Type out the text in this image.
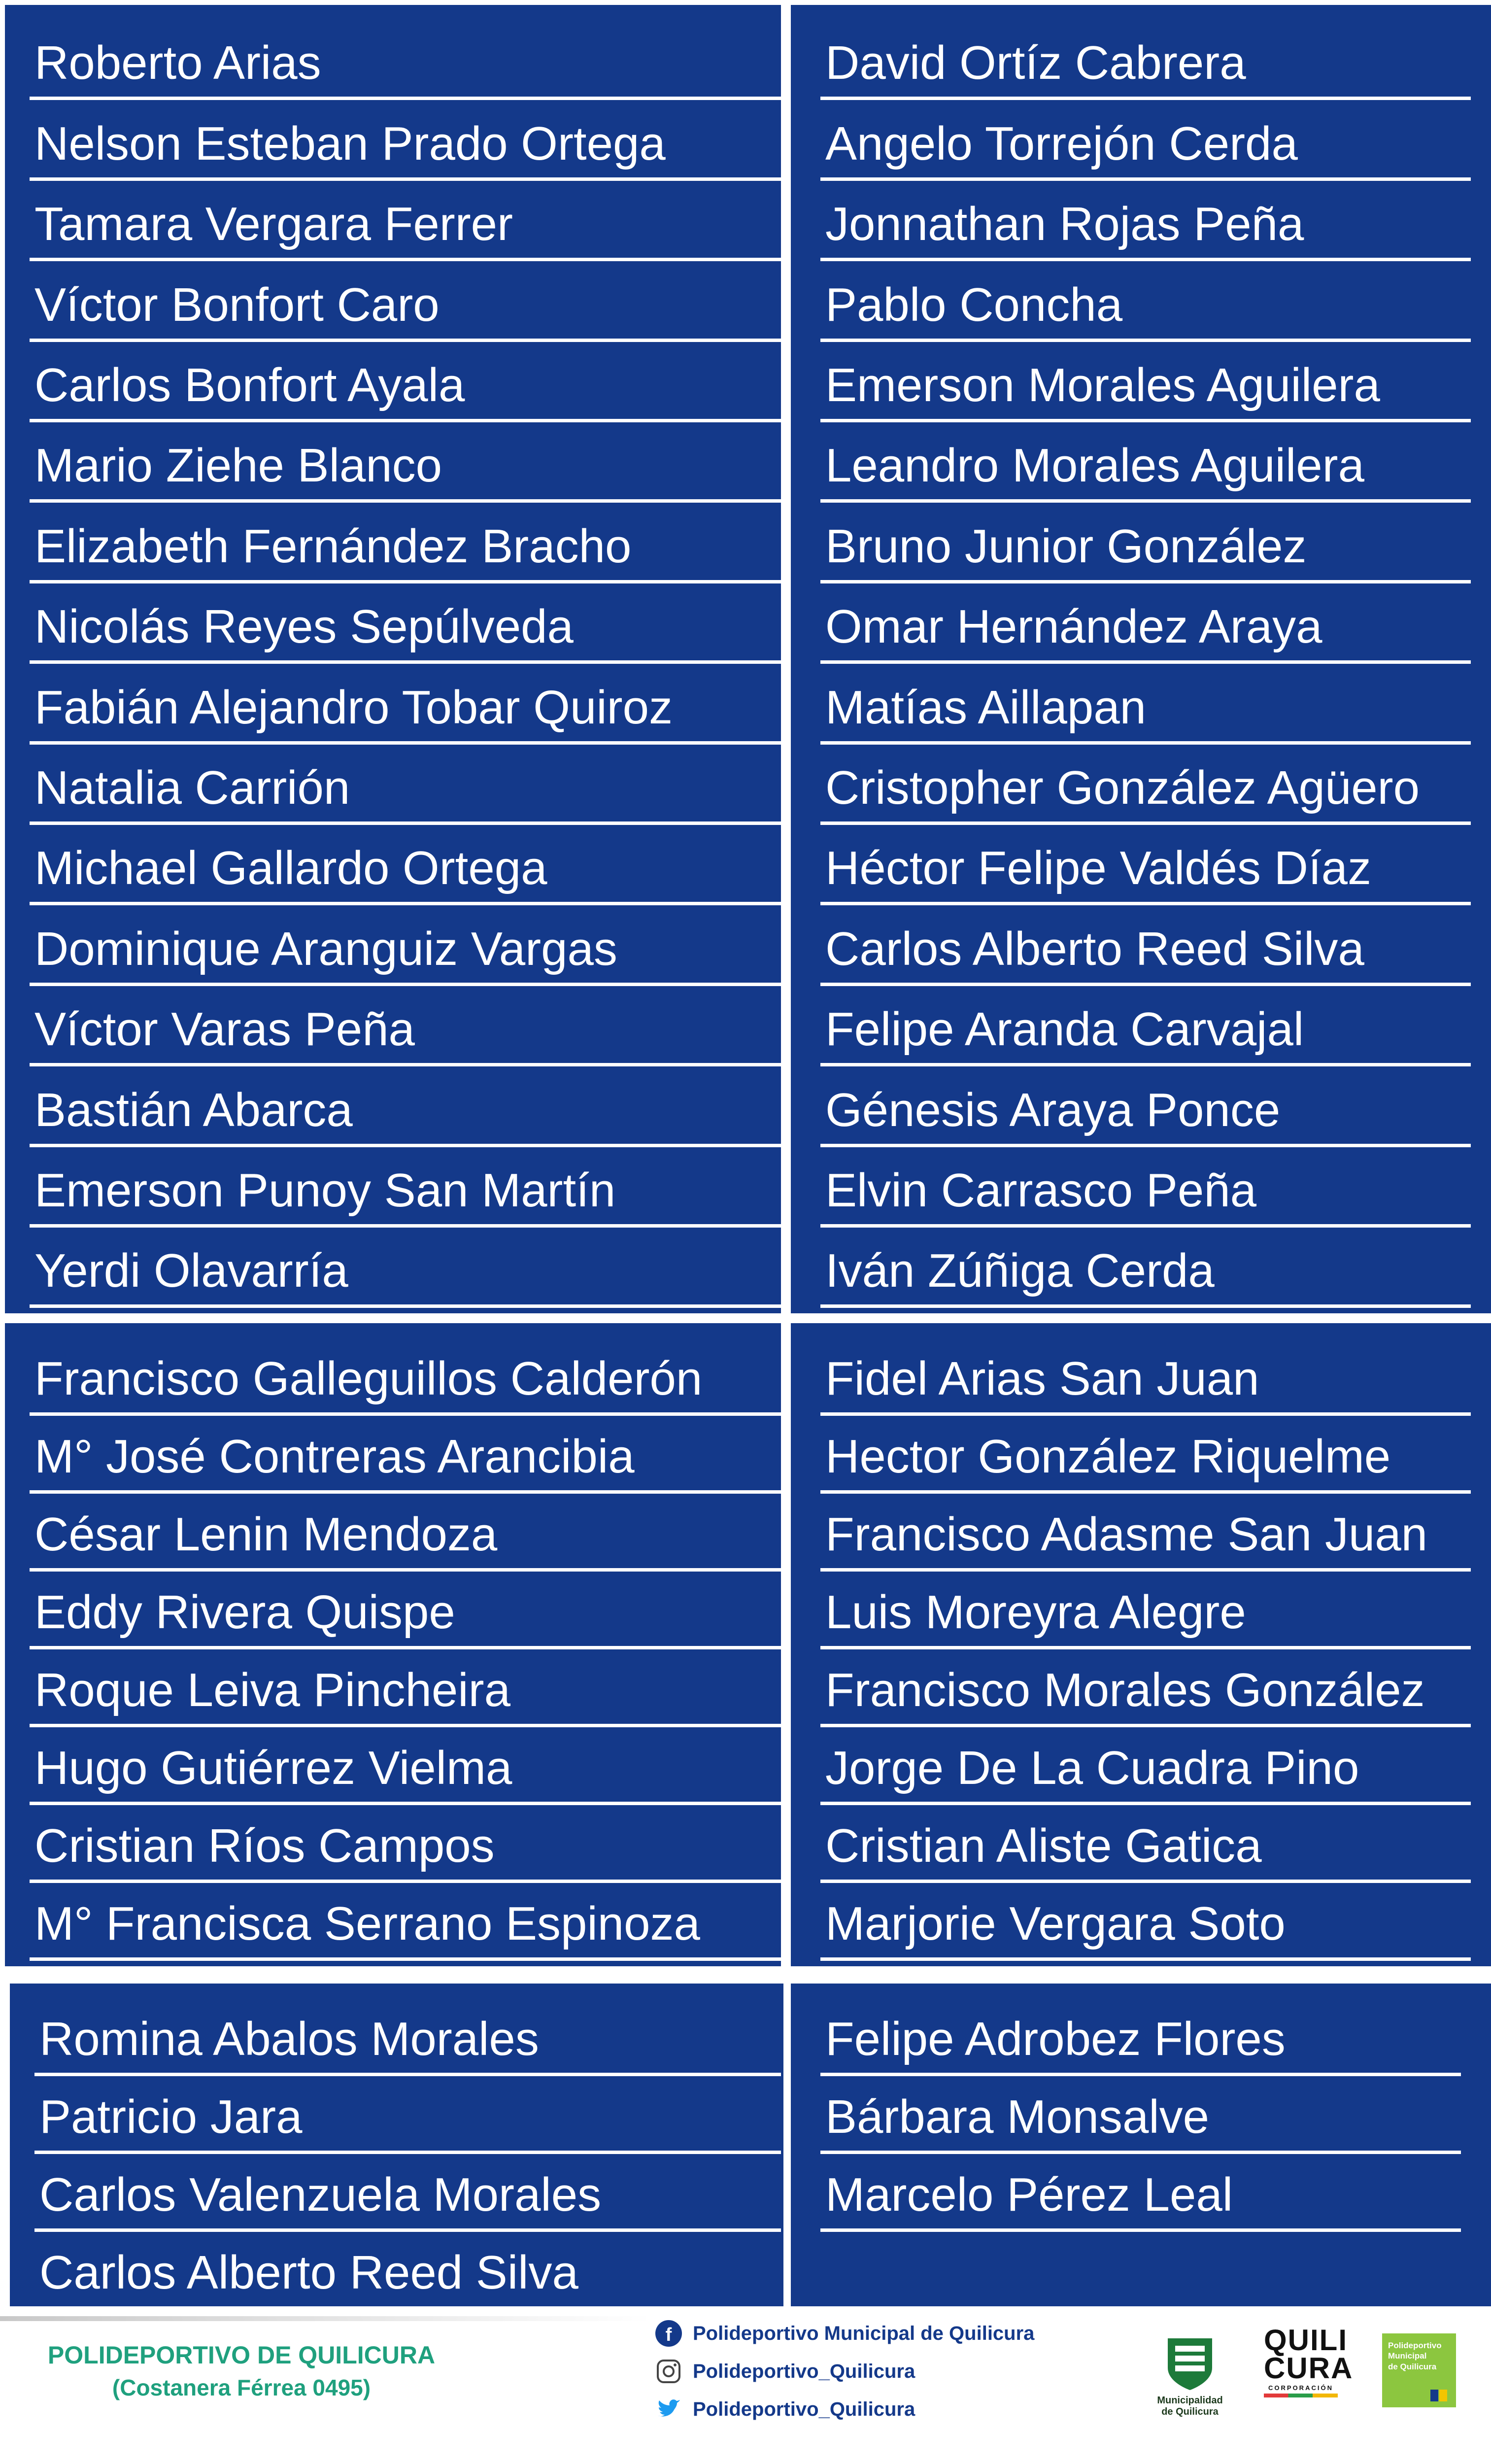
Roberto Arias
Nelson Esteban Prado Ortega
Tamara Vergara Ferrer
Víctor Bonfort Caro
Carlos Bonfort Ayala
Mario Ziehe Blanco
Elizabeth Fernández Bracho
Nicolás Reyes Sepúlveda
Fabián Alejandro Tobar Quiroz
Natalia Carrión
Michael Gallardo Ortega
Dominique Aranguiz Vargas
Víctor Varas Peña
Bastián Abarca
Emerson Punoy San Martín
Yerdi Olavarría
David Ortíz Cabrera
Angelo Torrejón Cerda
Jonnathan Rojas Peña
Pablo Concha
Emerson Morales Aguilera
Leandro Morales Aguilera
Bruno Junior González
Omar Hernández Araya
Matías Aillapan
Cristopher González Agüero
Héctor Felipe Valdés Díaz
Carlos Alberto Reed Silva
Felipe Aranda Carvajal
Génesis Araya Ponce
Elvin Carrasco Peña
Iván Zúñiga Cerda
Francisco Galleguillos Calderón
M° José Contreras Arancibia
César Lenin Mendoza
Eddy Rivera Quispe
Roque Leiva Pincheira
Hugo Gutiérrez Vielma
Cristian Ríos Campos
M° Francisca Serrano Espinoza
Fidel Arias San Juan
Hector González Riquelme
Francisco Adasme San Juan
Luis Moreyra Alegre
Francisco Morales González
Jorge De La Cuadra Pino
Cristian Aliste Gatica
Marjorie Vergara Soto
Romina Abalos Morales
Patricio Jara
Carlos Valenzuela Morales
Carlos Alberto Reed Silva
Felipe Adrobez Flores
Bárbara Monsalve
Marcelo Pérez Leal
POLIDEPORTIVO DE QUILICURA
(Costanera Férrea 0495)
f Polideportivo Municipal de Quilicura
Polideportivo_Quilicura
Polideportivo_Quilicura	Municipalidad
de Quilicura
QUILI
CURA
CORPORACIÓN
Polideportivo
Municipal
de Quilicura
